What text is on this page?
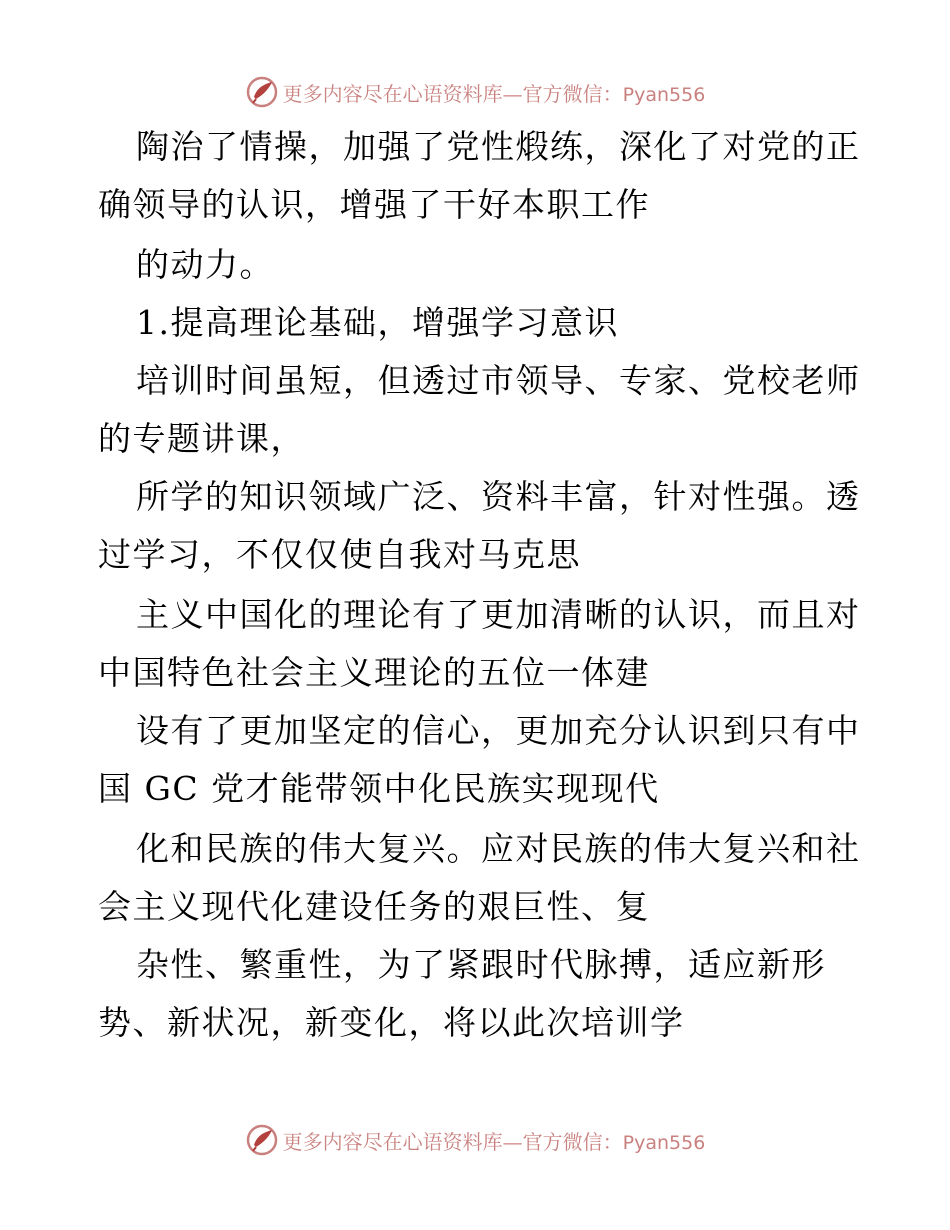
更多内容尽在心语资料库—官方微信：Pyan556
陶治了情操，加强了党性煅练，深化了对党的正
确领导的认识，增强了干好本职工作
的动力。
1.提高理论基础，增强学习意识
培训时间虽短，但透过市领导、专家、党校老师
的专题讲课，
所学的知识领域广泛、资料丰富，针对性强。透
过学习，不仅仅使自我对马克思
主义中国化的理论有了更加清晰的认识，而且对
中国特色社会主义理论的五位一体建
设有了更加坚定的信心，更加充分认识到只有中
国 GC 党才能带领中化民族实现现代
化和民族的伟大复兴。应对民族的伟大复兴和社
会主义现代化建设任务的艰巨性、复
杂性、繁重性，为了紧跟时代脉搏，适应新形
势、新状况，新变化，将以此次培训学
更多内容尽在心语资料库—官方微信：Pyan556
